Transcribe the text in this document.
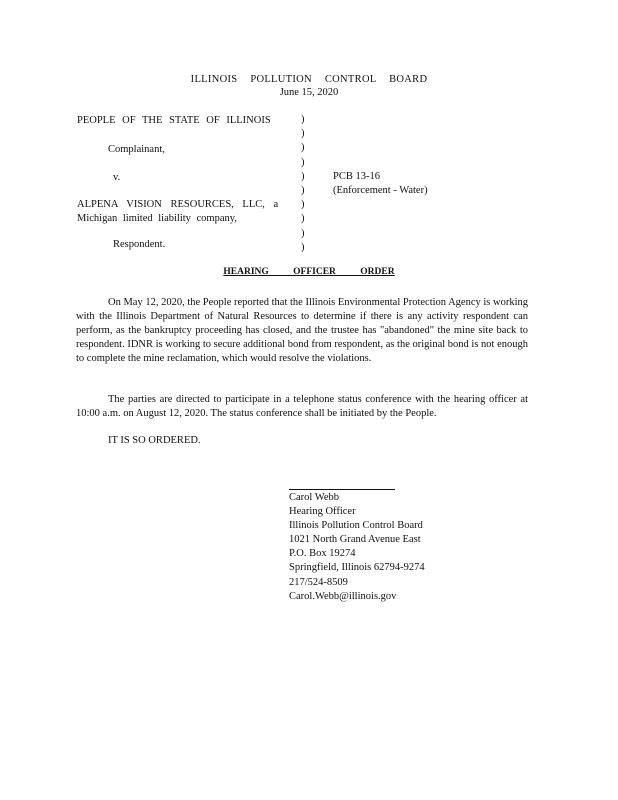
ILLINOIS POLLUTION CONTROL BOARD
June 15, 2020
PEOPLE OF THE STATE OF ILLINOIS
Complainant,
v.
ALPENA VISION RESOURCES, LLC, a
Michigan limited liability company,
Respondent.
)
)
)
)
)
)
)
)
)
)
PCB 13-16
(Enforcement - Water)
HEARING OFFICER ORDER
On May 12, 2020, the People reported that the Illinois Environmental Protection Agency is working with the Illinois Department of Natural Resources to determine if there is any activity respondent can perform, as the bankruptcy proceeding has closed, and the trustee has "abandoned" the mine site back to respondent. IDNR is working to secure additional bond from respondent, as the original bond is not enough to complete the mine reclamation, which would resolve the violations.
The parties are directed to participate in a telephone status conference with the hearing officer at 10:00 a.m. on August 12, 2020. The status conference shall be initiated by the People.
IT IS SO ORDERED.
Carol Webb
Hearing Officer
Illinois Pollution Control Board
1021 North Grand Avenue East
P.O. Box 19274
Springfield, Illinois 62794-9274
217/524-8509
Carol.Webb@illinois.gov
